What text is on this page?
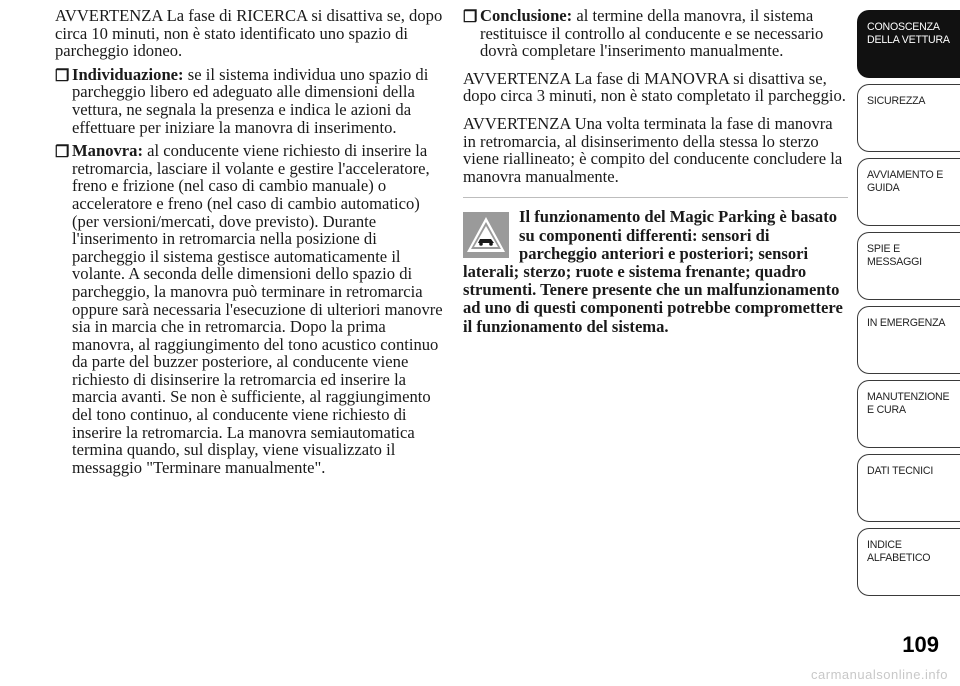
AVVERTENZA La fase di RICERCA si disattiva se, dopo circa 10 minuti, non è stato identificato uno spazio di parcheggio idoneo.

❒ Individuazione: se il sistema individua uno spazio di parcheggio libero ed adeguato alle dimensioni della vettura, ne segnala la presenza e indica le azioni da effettuare per iniziare la manovra di inserimento.
❒ Manovra: al conducente viene richiesto di inserire la retromarcia, lasciare il volante e gestire l'acceleratore, freno e frizione (nel caso di cambio manuale) o acceleratore e freno (nel caso di cambio automatico) (per versioni/mercati, dove previsto). Durante l'inserimento in retromarcia nella posizione di parcheggio il sistema gestisce automaticamente il volante. A seconda delle dimensioni dello spazio di parcheggio, la manovra può terminare in retromarcia oppure sarà necessaria l'esecuzione di ulteriori manovre sia in marcia che in retromarcia. Dopo la prima manovra, al raggiungimento del tono acustico continuo da parte del buzzer posteriore, al conducente viene richiesto di disinserire la retromarcia ed inserire la marcia avanti. Se non è sufficiente, al raggiungimento del tono continuo, al conducente viene richiesto di inserire la retromarcia. La manovra semiautomatica termina quando, sul display, viene visualizzato il messaggio "Terminare manualmente".
❒ Conclusione: al termine della manovra, il sistema restituisce il controllo al conducente e se necessario dovrà completare l'inserimento manualmente.

AVVERTENZA La fase di MANOVRA si disattiva se, dopo circa 3 minuti, non è stato completato il parcheggio.

AVVERTENZA Una volta terminata la fase di manovra in retromarcia, al disinserimento della stessa lo sterzo viene riallineato; è compito del conducente concludere la manovra manualmente.

Il funzionamento del Magic Parking è basato su componenti differenti: sensori di parcheggio anteriori e posteriori; sensori laterali; sterzo; ruote e sistema frenante; quadro strumenti. Tenere presente che un malfunzionamento ad uno di questi componenti potrebbe compromettere il funzionamento del sistema.
CONOSCENZA DELLA VETTURA
SICUREZZA
AVVIAMENTO E GUIDA
SPIE E MESSAGGI
IN EMERGENZA
MANUTENZIONE E CURA
DATI TECNICI
INDICE ALFABETICO
109
carmanualsonline.info
